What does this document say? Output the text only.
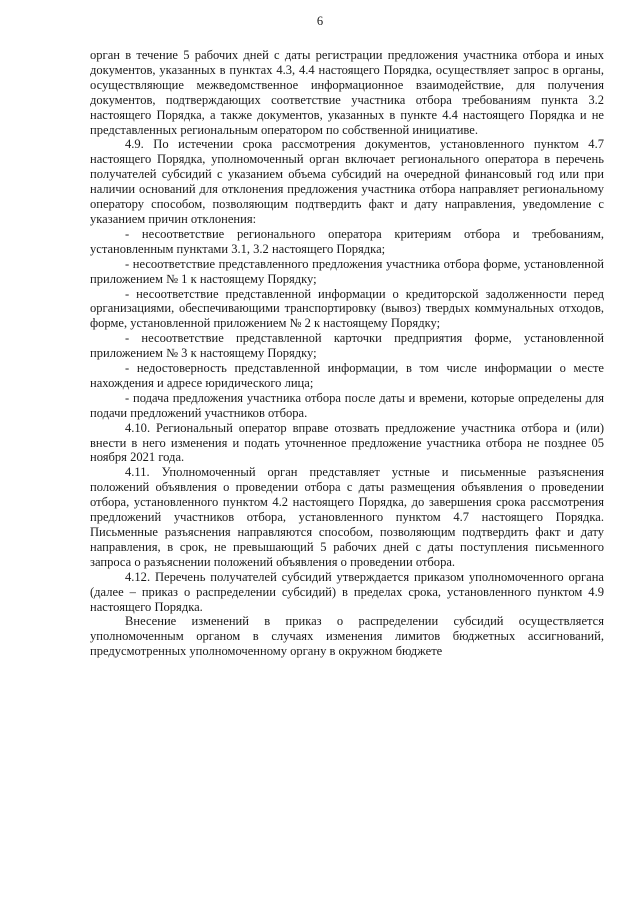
6

орган в течение 5 рабочих дней с даты регистрации предложения участника отбора и иных документов, указанных в пунктах 4.3, 4.4 настоящего Порядка, осуществляет запрос в органы, осуществляющие межведомственное информационное взаимодействие, для получения документов, подтверждающих соответствие участника отбора требованиям пункта 3.2 настоящего Порядка, а также документов, указанных в пункте 4.4 настоящего Порядка и не представленных региональным оператором по собственной инициативе.

4.9. По истечении срока рассмотрения документов, установленного пунктом 4.7 настоящего Порядка, уполномоченный орган включает регионального оператора в перечень получателей субсидий с указанием объема субсидий на очередной финансовый год или при наличии оснований для отклонения предложения участника отбора направляет региональному оператору способом, позволяющим подтвердить факт и дату направления, уведомление с указанием причин отклонения:

- несоответствие регионального оператора критериям отбора и требованиям, установленным пунктами 3.1, 3.2 настоящего Порядка;

- несоответствие представленного предложения участника отбора форме, установленной приложением № 1 к настоящему Порядку;

- несоответствие представленной информации о кредиторской задолженности перед организациями, обеспечивающими транспортировку (вывоз) твердых коммунальных отходов, форме, установленной приложением № 2 к настоящему Порядку;

- несоответствие представленной карточки предприятия форме, установленной приложением № 3 к настоящему Порядку;

- недостоверность представленной информации, в том числе информации о месте нахождения и адресе юридического лица;

- подача предложения участника отбора после даты и времени, которые определены для подачи предложений участников отбора.

4.10. Региональный оператор вправе отозвать предложение участника отбора и (или) внести в него изменения и подать уточненное предложение участника отбора не позднее 05 ноября 2021 года.

4.11. Уполномоченный орган представляет устные и письменные разъяснения положений объявления о проведении отбора с даты размещения объявления о проведении отбора, установленного пунктом 4.2 настоящего Порядка, до завершения срока рассмотрения предложений участников отбора, установленного пунктом 4.7 настоящего Порядка. Письменные разъяснения направляются способом, позволяющим подтвердить факт и дату направления, в срок, не превышающий 5 рабочих дней с даты поступления письменного запроса о разъяснении положений объявления о проведении отбора.

4.12. Перечень получателей субсидий утверждается приказом уполномоченного органа (далее – приказ о распределении субсидий) в пределах срока, установленного пунктом 4.9 настоящего Порядка.

Внесение изменений в приказ о распределении субсидий осуществляется уполномоченным органом в случаях изменения лимитов бюджетных ассигнований, предусмотренных уполномоченному органу в окружном бюджете
